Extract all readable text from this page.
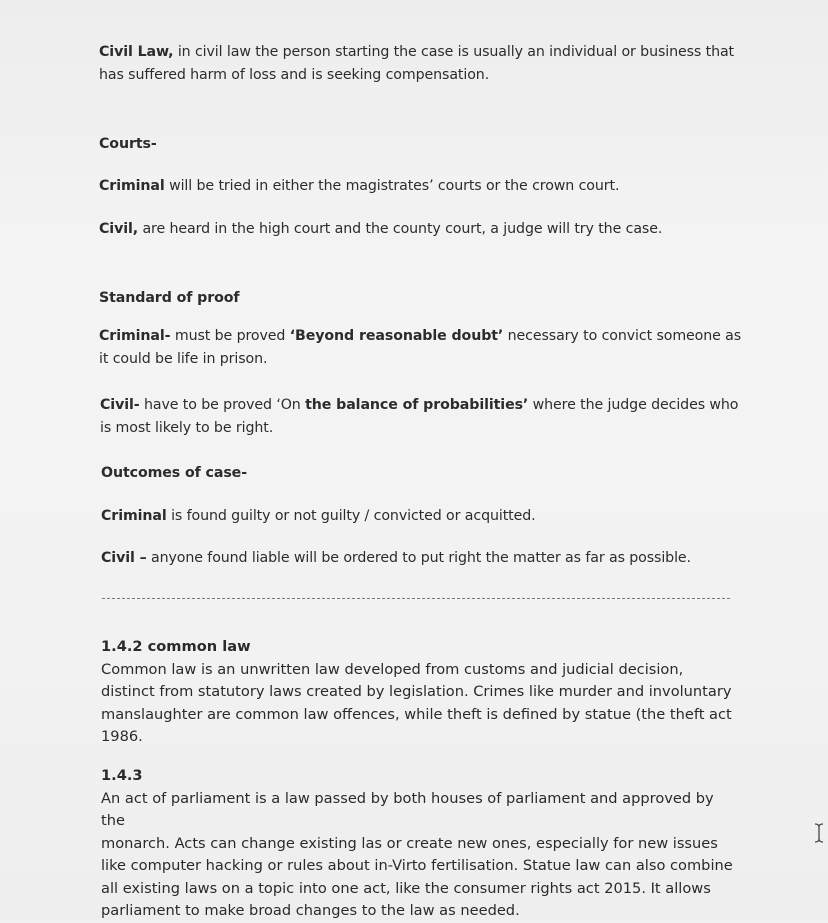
Civil Law, in civil law the person starting the case is usually an individual or business that has suffered harm of loss and is seeking compensation.
Courts-
Criminal will be tried in either the magistrates’ courts or the crown court.
Civil, are heard in the high court and the county court, a judge will try the case.
Standard of proof
Criminal- must be proved ‘Beyond reasonable doubt’ necessary to convict someone as it could be life in prison.
Civil- have to be proved ‘On the balance of probabilities’ where the judge decides who is most likely to be right.
Outcomes of case-
Criminal is found guilty or not guilty / convicted or acquitted.
Civil – anyone found liable will be ordered to put right the matter as far as possible.
1.4.2 common law
Common law is an unwritten law developed from customs and judicial decision,
distinct from statutory laws created by legislation. Crimes like murder and involuntary
manslaughter are common law offences, while theft is defined by statue (the theft act
1986.
1.4.3
An act of parliament is a law passed by both houses of parliament and approved by the
monarch. Acts can change existing las or create new ones, especially for new issues
like computer hacking or rules about in-Virto fertilisation. Statue law can also combine
all existing laws on a topic into one act, like the consumer rights act 2015. It allows
parliament to make broad changes to the law as needed.
